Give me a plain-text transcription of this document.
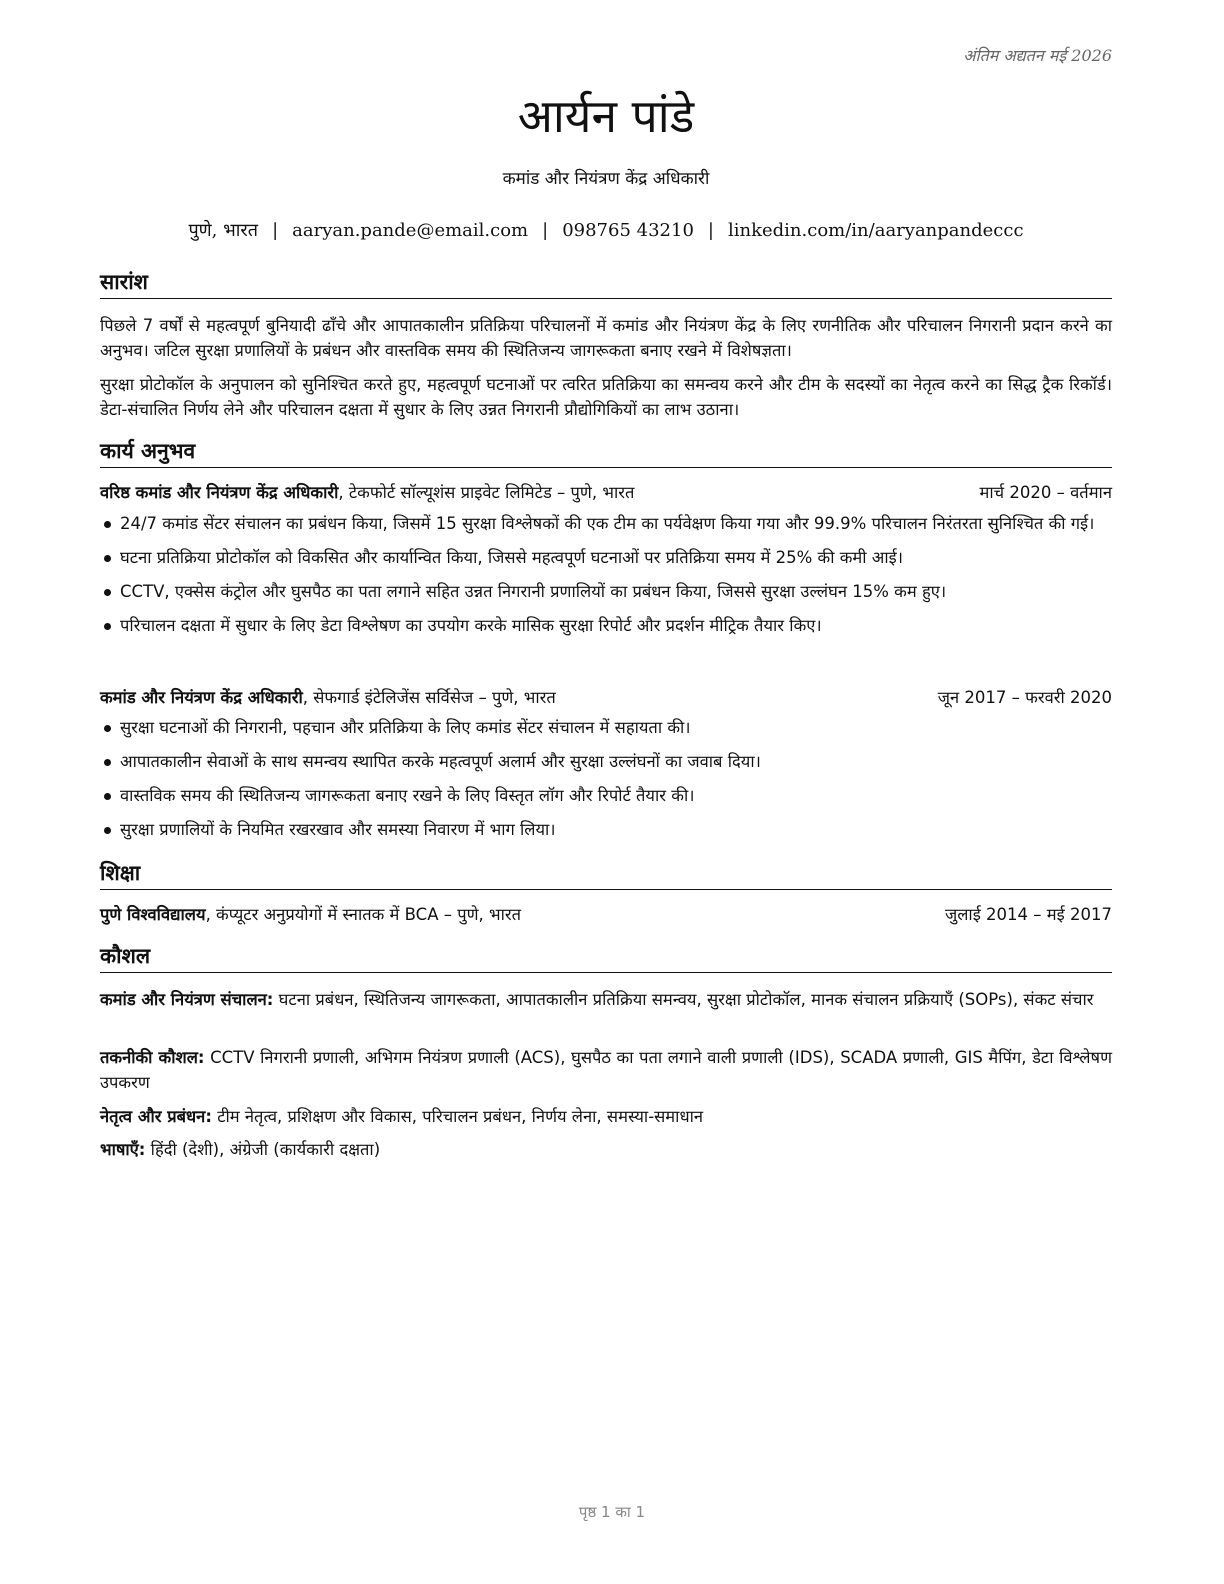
अंतिम अद्यतन मई 2026
आर्यन पांडे
कमांड और नियंत्रण केंद्र अधिकारी
पुणे, भारत | aaryan.pande@email.com | 098765 43210 | linkedin.com/in/aaryanpandeccc
सारांश
पिछले 7 वर्षों से महत्वपूर्ण बुनियादी ढाँचे और आपातकालीन प्रतिक्रिया परिचालनों में कमांड और नियंत्रण केंद्र के लिए रणनीतिक और परिचालन निगरानी प्रदान करने का अनुभव। जटिल सुरक्षा प्रणालियों के प्रबंधन और वास्तविक समय की स्थितिजन्य जागरूकता बनाए रखने में विशेषज्ञता।
सुरक्षा प्रोटोकॉल के अनुपालन को सुनिश्चित करते हुए, महत्वपूर्ण घटनाओं पर त्वरित प्रतिक्रिया का समन्वय करने और टीम के सदस्यों का नेतृत्व करने का सिद्ध ट्रैक रिकॉर्ड। डेटा-संचालित निर्णय लेने और परिचालन दक्षता में सुधार के लिए उन्नत निगरानी प्रौद्योगिकियों का लाभ उठाना।
कार्य अनुभव
वरिष्ठ कमांड और नियंत्रण केंद्र अधिकारी, टेकफोर्ट सॉल्यूशंस प्राइवेट लिमिटेड – पुणे, भारत	मार्च 2020 – वर्तमान
24/7 कमांड सेंटर संचालन का प्रबंधन किया, जिसमें 15 सुरक्षा विश्लेषकों की एक टीम का पर्यवेक्षण किया गया और 99.9% परिचालन निरंतरता सुनिश्चित की गई।
घटना प्रतिक्रिया प्रोटोकॉल को विकसित और कार्यान्वित किया, जिससे महत्वपूर्ण घटनाओं पर प्रतिक्रिया समय में 25% की कमी आई।
CCTV, एक्सेस कंट्रोल और घुसपैठ का पता लगाने सहित उन्नत निगरानी प्रणालियों का प्रबंधन किया, जिससे सुरक्षा उल्लंघन 15% कम हुए।
परिचालन दक्षता में सुधार के लिए डेटा विश्लेषण का उपयोग करके मासिक सुरक्षा रिपोर्ट और प्रदर्शन मीट्रिक तैयार किए।
कमांड और नियंत्रण केंद्र अधिकारी, सेफगार्ड इंटेलिजेंस सर्विसेज – पुणे, भारत	जून 2017 – फरवरी 2020
सुरक्षा घटनाओं की निगरानी, पहचान और प्रतिक्रिया के लिए कमांड सेंटर संचालन में सहायता की।
आपातकालीन सेवाओं के साथ समन्वय स्थापित करके महत्वपूर्ण अलार्म और सुरक्षा उल्लंघनों का जवाब दिया।
वास्तविक समय की स्थितिजन्य जागरूकता बनाए रखने के लिए विस्तृत लॉग और रिपोर्ट तैयार की।
सुरक्षा प्रणालियों के नियमित रखरखाव और समस्या निवारण में भाग लिया।
शिक्षा
पुणे विश्वविद्यालय, कंप्यूटर अनुप्रयोगों में स्नातक में BCA – पुणे, भारत	जुलाई 2014 – मई 2017
कौशल
कमांड और नियंत्रण संचालन: घटना प्रबंधन, स्थितिजन्य जागरूकता, आपातकालीन प्रतिक्रिया समन्वय, सुरक्षा प्रोटोकॉल, मानक संचालन प्रक्रियाएँ (SOPs), संकट संचार
तकनीकी कौशल: CCTV निगरानी प्रणाली, अभिगम नियंत्रण प्रणाली (ACS), घुसपैठ का पता लगाने वाली प्रणाली (IDS), SCADA प्रणाली, GIS मैपिंग, डेटा विश्लेषण उपकरण
नेतृत्व और प्रबंधन: टीम नेतृत्व, प्रशिक्षण और विकास, परिचालन प्रबंधन, निर्णय लेना, समस्या-समाधान
भाषाएँ: हिंदी (देशी), अंग्रेजी (कार्यकारी दक्षता)
पृष्ठ 1 का 1
